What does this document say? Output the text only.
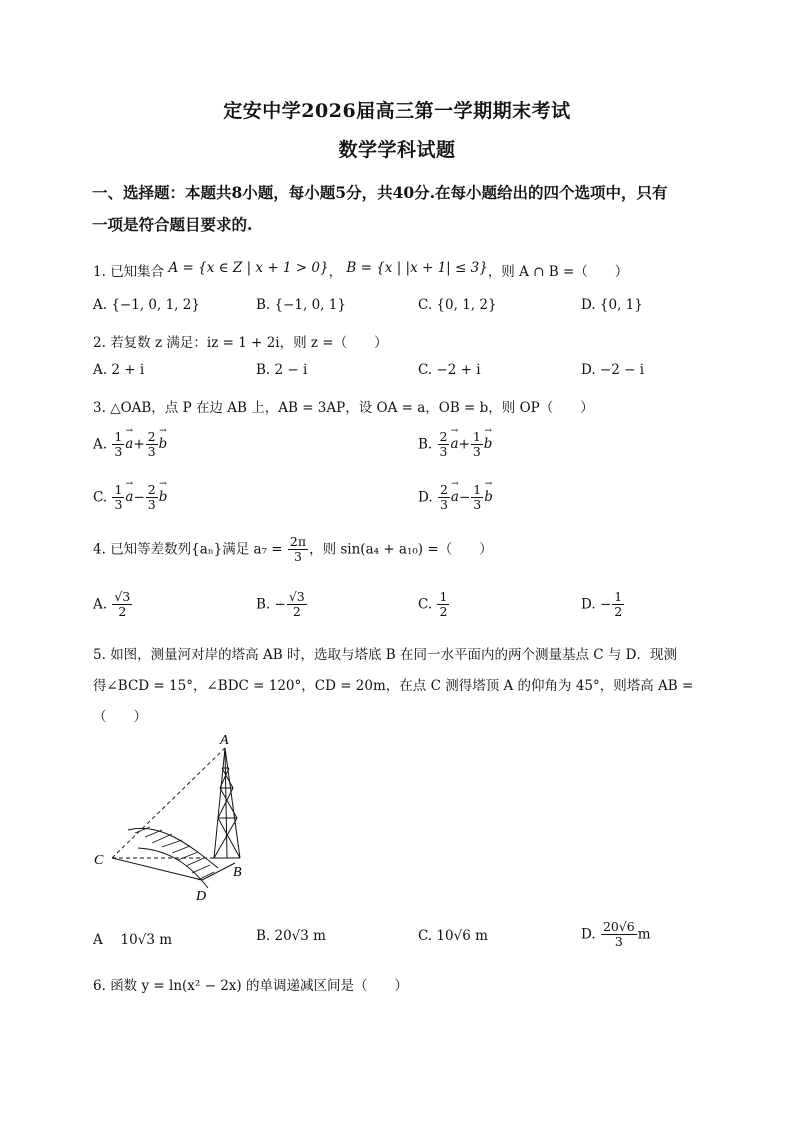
定安中学2026届高三第一学期期末考试
数学学科试题
一、选择题：本题共8小题，每小题5分，共40分.在每小题给出的四个选项中，只有
一项是符合题目要求的.
1. 已知集合 A = {x ∈ Z | x + 1 > 0}， B = {x | |x + 1| ≤ 3}，则 A ∩ B =（　　）
A. {−1, 0, 1, 2}	B. {−1, 0, 1}	C. {0, 1, 2}	D. {0, 1}
2. 若复数 z 满足：iz = 1 + 2i，则 z =（　　）
A. 2 + i	B. 2 − i	C. −2 + i	D. −2 − i
3. △OAB，点 P 在边 AB 上，AB = 3AP，设 OA = a，OB = b，则 OP（　　）
A. $\frac{1}{3}$
→ $a+ \frac{2}{3}$
→ b	B. $\frac{2}{3}$
→ $a+ \frac{1}{3}$
→ b
C. $\frac{1}{3}$
→ $a- \frac{2}{3}$
→ b	D. $\frac{2}{3}$
→ $a- \frac{1}{3}$
→ b
4. 已知等差数列{aₙ}满足 $a_7 = \frac{2\pi}{3}$ ，则 sin(a₄ + a₁₀) =（　　）
A. $\frac{√3}{2}$	B. − $\frac{√3}{2}$	C. $\frac{1}{2}$	D. − $\frac{1}{2}$
5. 如图，测量河对岸的塔高 AB 时，选取与塔底 B 在同一水平面内的两个测量基点 C 与 D．现测
得∠BCD = 15°，∠BDC = 120°，CD = 20m，在点 C 测得塔顶 A 的仰角为 45°，则塔高 AB =
（　　）
A
B
C
D
A　 10√3 m	B. 20√3 m	C. 10√6 m	D. $\frac{20√6}{3}$ m
6. 函数 y = ln(x² − 2x) 的单调递减区间是（　　）
